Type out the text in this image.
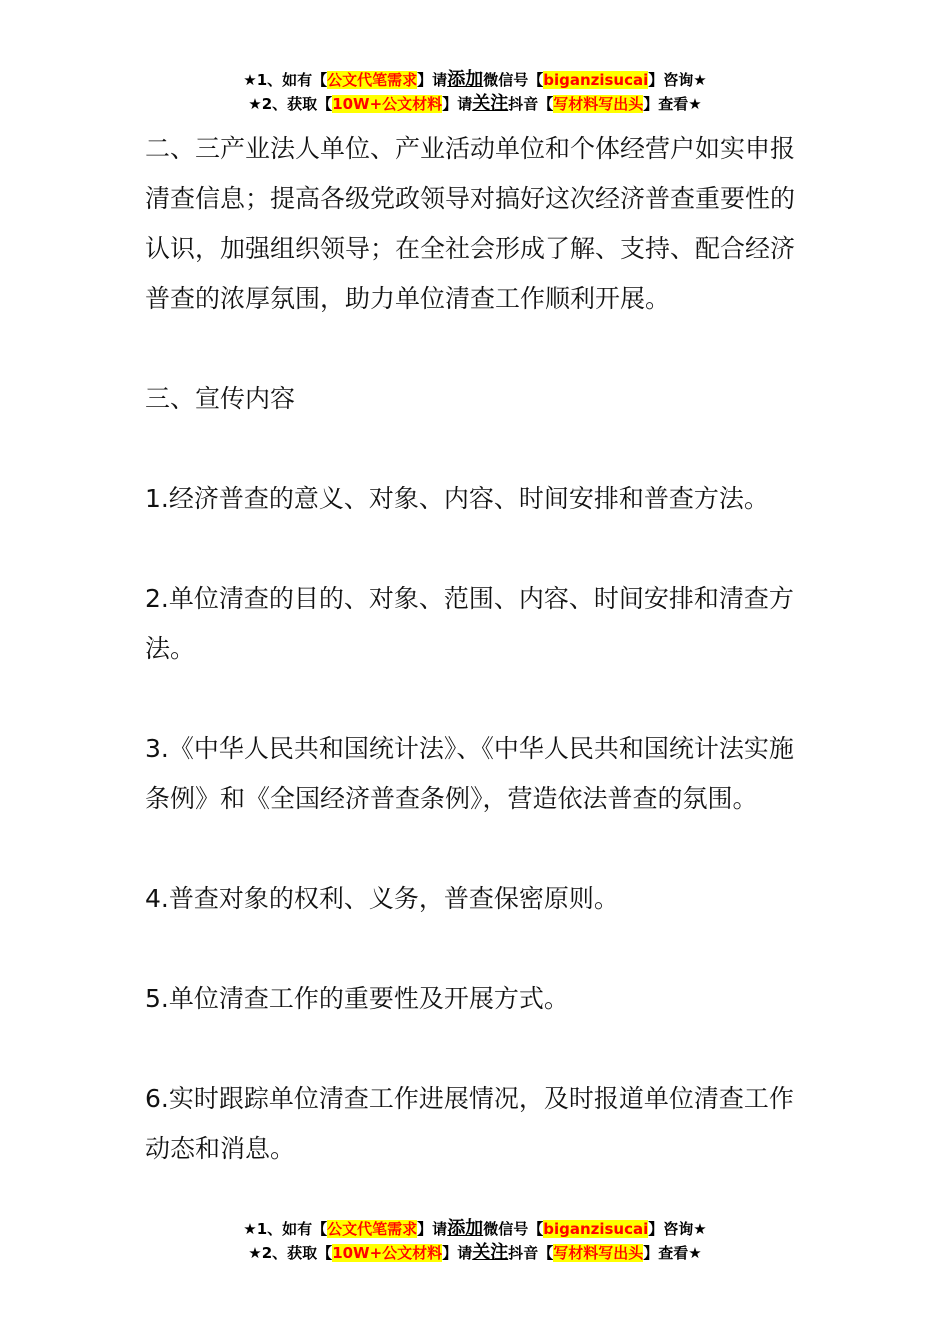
★1、如有【公文代笔需求】请添加微信号【biganzisucai】咨询★
★2、获取【10W+公文材料】请关注抖音【写材料写出头】查看★

二、三产业法人单位、产业活动单位和个体经营户如实申报清查信息；提高各级党政领导对搞好这次经济普查重要性的认识，加强组织领导；在全社会形成了解、支持、配合经济普查的浓厚氛围，助力单位清查工作顺利开展。

三、宣传内容

1.经济普查的意义、对象、内容、时间安排和普查方法。

2.单位清查的目的、对象、范围、内容、时间安排和清查方法。

3.《中华人民共和国统计法》、《中华人民共和国统计法实施条例》和《全国经济普查条例》，营造依法普查的氛围。

4.普查对象的权利、义务，普查保密原则。

5.单位清查工作的重要性及开展方式。

6.实时跟踪单位清查工作进展情况，及时报道单位清查工作动态和消息。

★1、如有【公文代笔需求】请添加微信号【biganzisucai】咨询★
★2、获取【10W+公文材料】请关注抖音【写材料写出头】查看★
